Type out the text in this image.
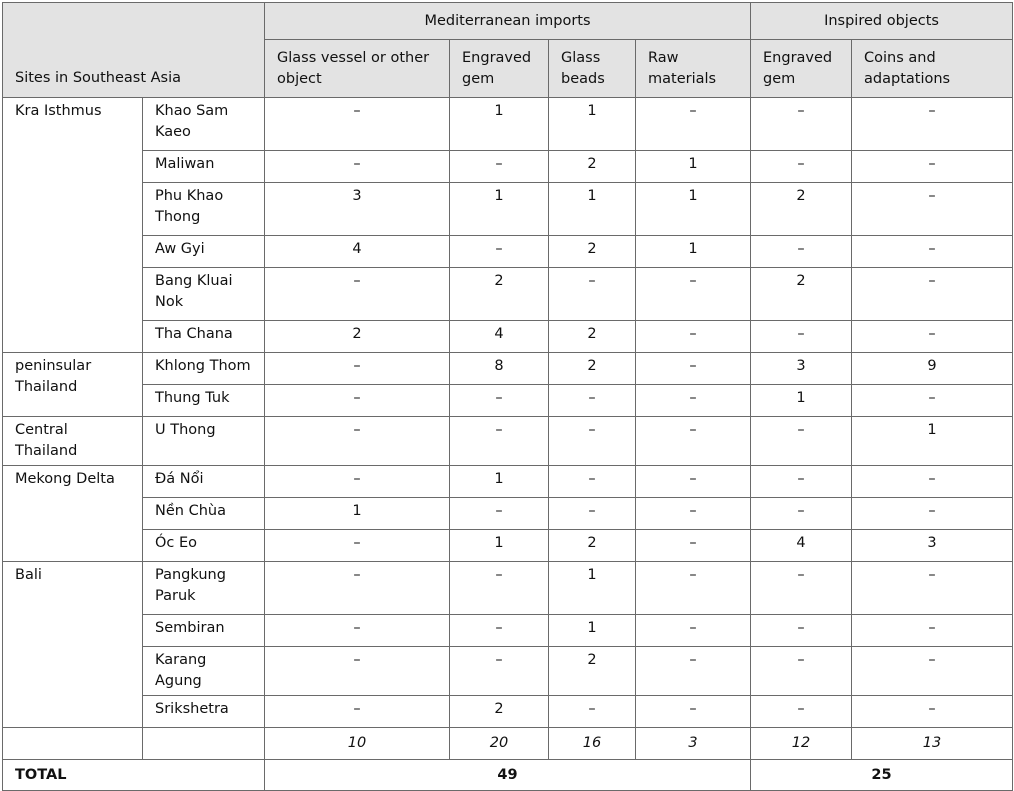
Sites in Southeast Asia		Mediterranean imports				Inspired objects	
		Glass vessel or other object	Engraved gem	Glass beads	Raw materials	Engraved gem	Coins and adaptations
Kra Isthmus	Khao Sam Kaeo	–	1	1	–	–	–
	Maliwan	–	–	2	1	–	–
	Phu Khao Thong	3	1	1	1	2	–
	Aw Gyi	4	–	2	1	–	–
	Bang Kluai Nok	–	2	–	–	2	–
	Tha Chana	2	4	2	–	–	–
peninsular Thailand	Khlong Thom	–	8	2	–	3	9
	Thung Tuk	–	–	–	–	1	–
Central Thailand	U Thong	–	–	–	–	–	1
Mekong Delta	Đá Nổi	–	1	–	–	–	–
	Nền Chùa	1	–	–	–	–	–
	Óc Eo	–	1	2	–	4	3
Bali	Pangkung Paruk	–	–	1	–	–	–
	Sembiran	–	–	1	–	–	–
	Karang Agung	–	–	2	–	–	–
	Srikshetra	–	2	–	–	–	–
		10	20	16	3	12	13
TOTAL		49				25	
